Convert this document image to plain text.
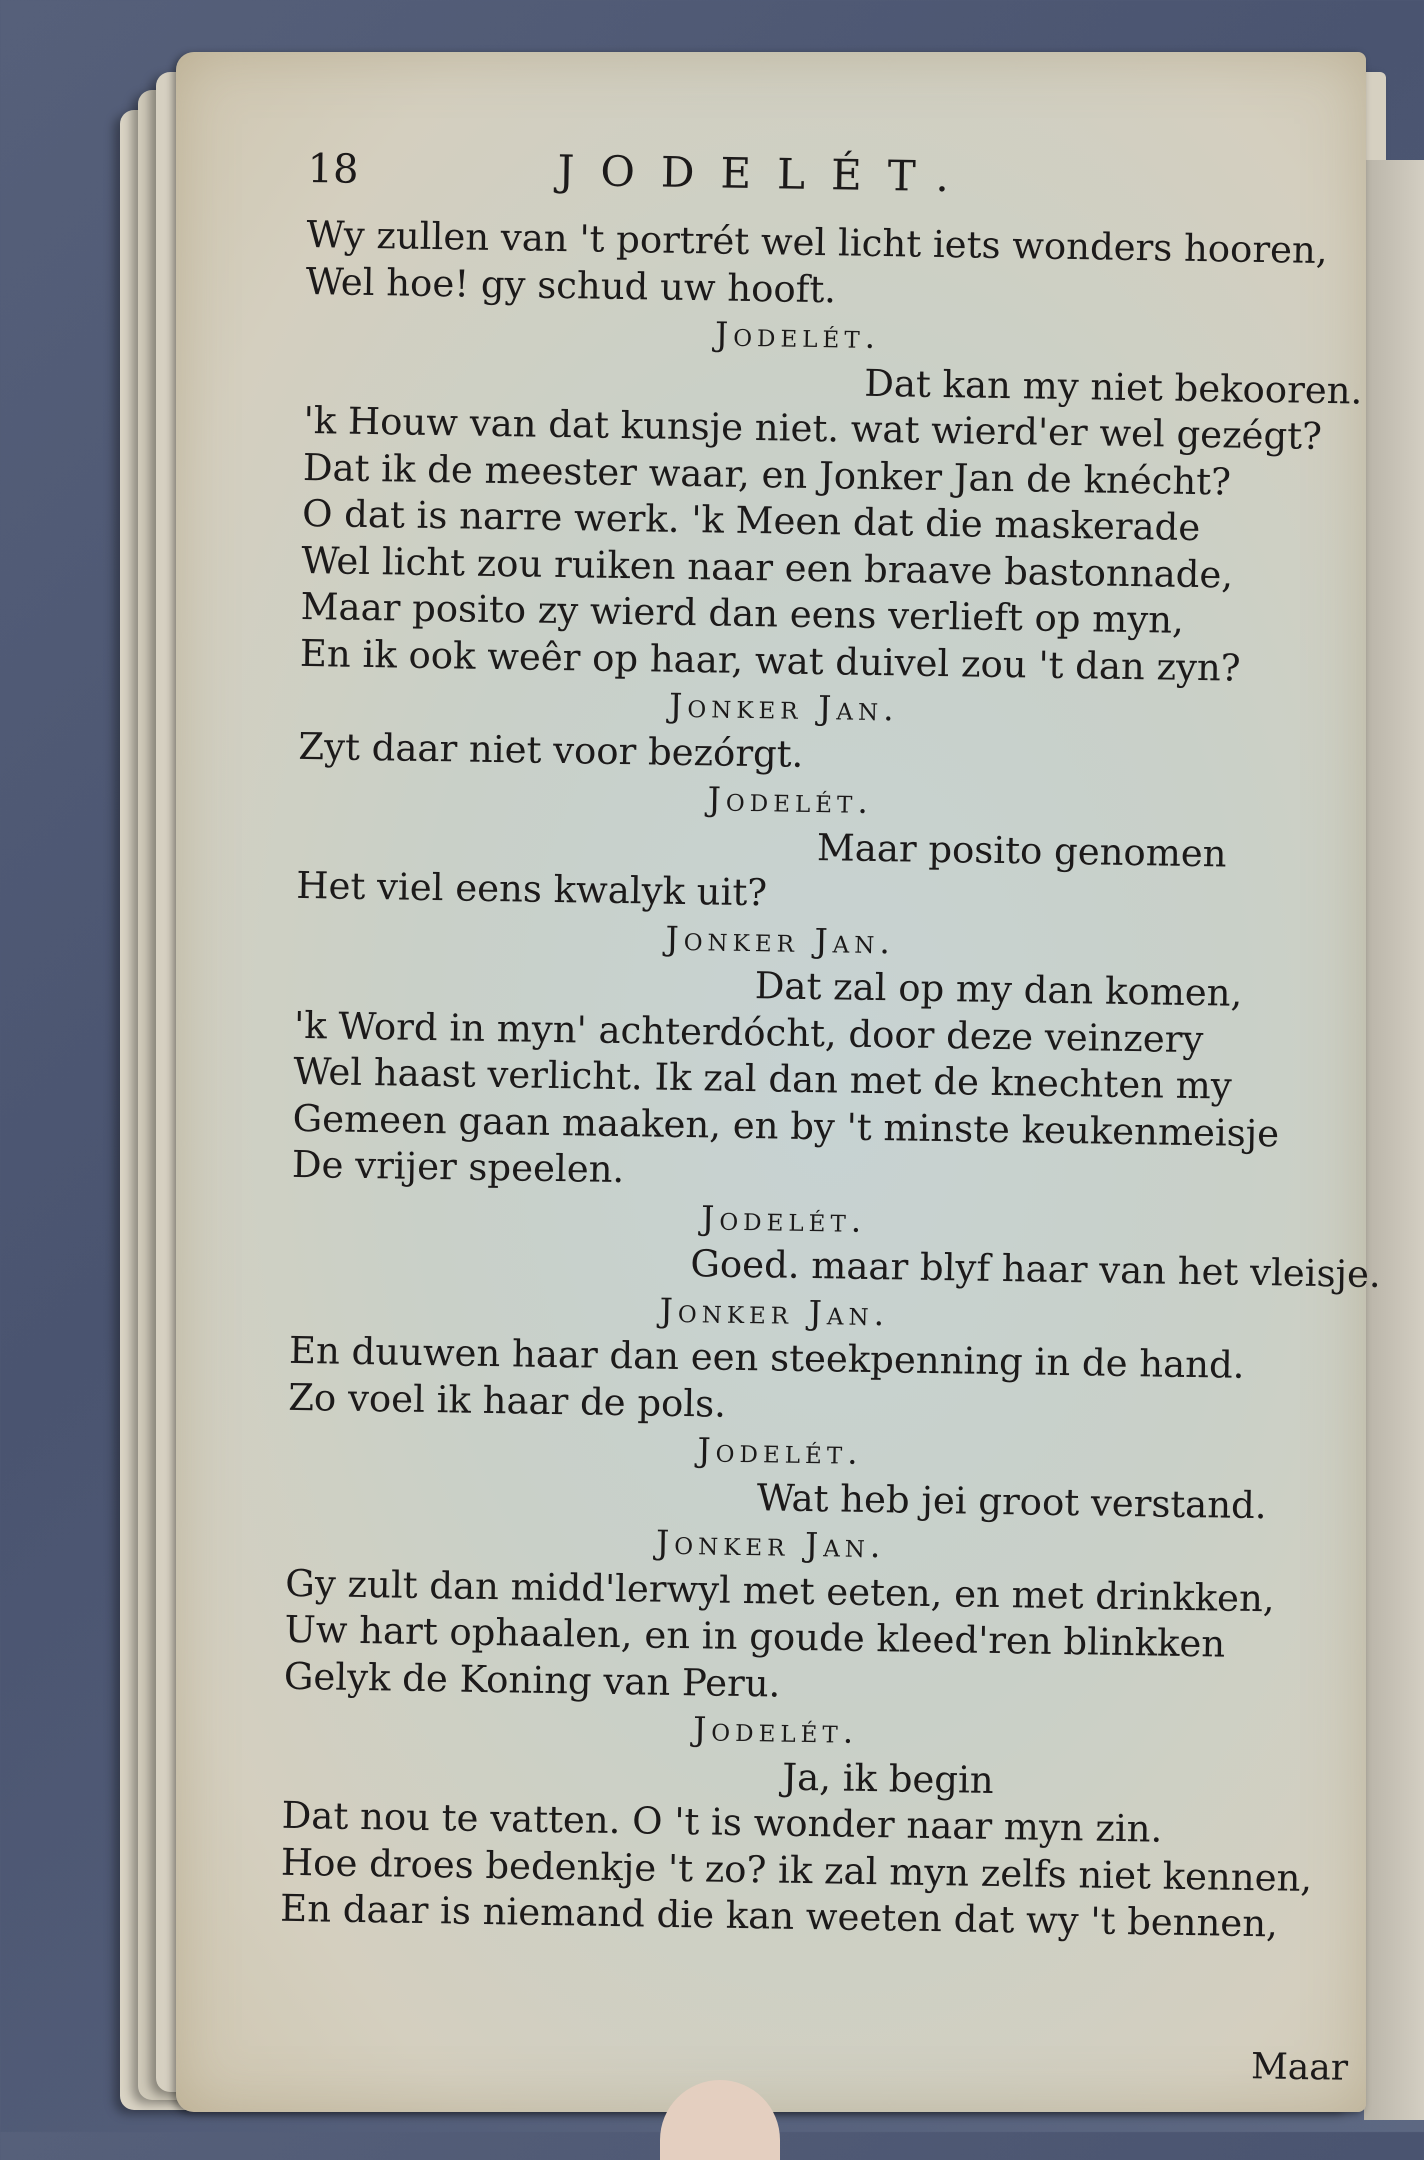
18	JODELÉT.
Wy zullen van 't portrét wel licht iets wonders hooren,
Wel hoe! gy schud uw hooft.
Jodelét.
Dat kan my niet bekooren.
'k Houw van dat kunsje niet. wat wierd'er wel gezégt?
Dat ik de meester waar, en Jonker Jan de knécht?
O dat is narre werk. 'k Meen dat die maskerade
Wel licht zou ruiken naar een braave bastonnade,
Maar posito zy wierd dan eens verlieft op myn,
En ik ook weêr op haar, wat duivel zou 't dan zyn?
Jonker Jan.
Zyt daar niet voor bezórgt.
Jodelét.
Maar posito genomen
Het viel eens kwalyk uit?
Jonker Jan.
Dat zal op my dan komen,
'k Word in myn' achterdócht, door deze veinzery
Wel haast verlicht. Ik zal dan met de knechten my
Gemeen gaan maaken, en by 't minste keukenmeisje
De vrijer speelen.
Jodelét.
Goed. maar blyf haar van het vleisje.
Jonker Jan.
En duuwen haar dan een steekpenning in de hand.
Zo voel ik haar de pols.
Jodelét.
Wat heb jei groot verstand.
Jonker Jan.
Gy zult dan midd'lerwyl met eeten, en met drinkken,
Uw hart ophaalen, en in goude kleed'ren blinkken
Gelyk de Koning van Peru.
Jodelét.
Ja, ik begin
Dat nou te vatten. O 't is wonder naar myn zin.
Hoe droes bedenkje 't zo? ik zal myn zelfs niet kennen,
En daar is niemand die kan weeten dat wy 't bennen,
Maar
